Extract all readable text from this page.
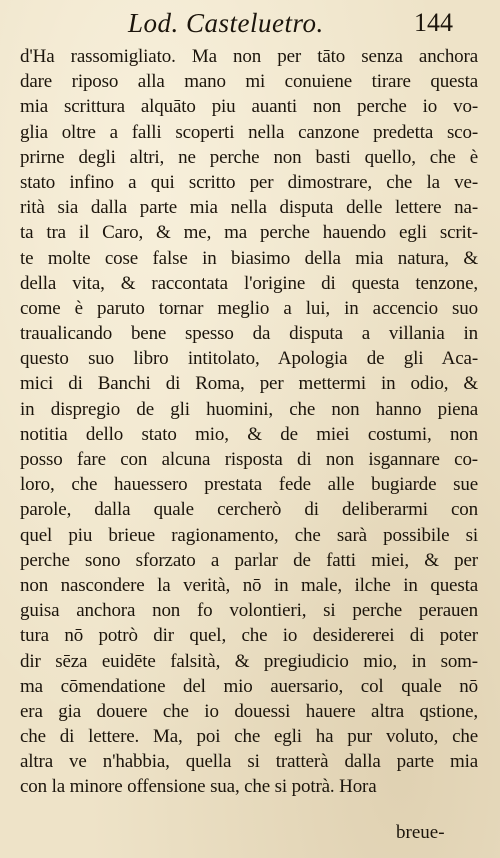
Lod. Casteluetro.	144
d'Ha rassomigliato. Ma non per tāto senza anchora
dare riposo alla mano mi conuiene tirare questa
mia scrittura alquāto piu auanti non perche io vo-
glia oltre a falli scoperti nella canzone predetta sco-
prirne degli altri, ne perche non basti quello, che è
stato infino a qui scritto per dimostrare, che la ve-
rità sia dalla parte mia nella disputa delle lettere na-
ta tra il Caro, & me, ma perche hauendo egli scrit-
te molte cose false in biasimo della mia natura, &
della vita, & raccontata l'origine di questa tenzone,
come è paruto tornar meglio a lui, in accencio suo
traualicando bene spesso da disputa a villania in
questo suo libro intitolato, Apologia de gli Aca-
mici di Banchi di Roma, per mettermi in odio, &
in dispregio de gli huomini, che non hanno piena
notitia dello stato mio, & de miei costumi, non
posso fare con alcuna risposta di non isgannare co-
loro, che hauessero prestata fede alle bugiarde sue
parole, dalla quale cercherò di deliberarmi con
quel piu brieue ragionamento, che sarà possibile si
perche sono sforzato a parlar de fatti miei, & per
non nascondere la verità, nō in male, ilche in questa
guisa anchora non fo volontieri, si perche perauen
tura nō potrò dir quel, che io desidererei di poter
dir sēza euidēte falsità, & pregiudicio mio, in som-
ma cōmendatione del mio auersario, col quale nō
era gia douere che io douessi hauere altra qstione,
che di lettere. Ma, poi che egli ha pur voluto, che
altra ve n'habbia, quella si tratterà dalla parte mia
con la minore offensione sua, che si potrà. Hora
breue-
